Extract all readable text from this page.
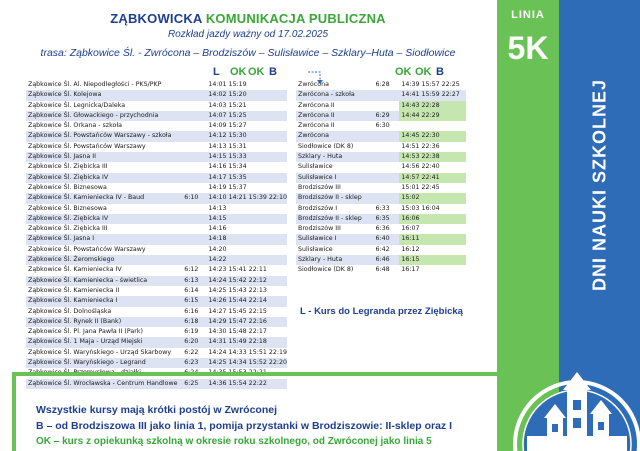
ZĄBKOWICKA KOMUNIKACJA PUBLICZNA
Rozkład jazdy ważny od 17.02.2025
trasa: Ząbkowice Śl. - Zwrócona – Brodziszów – Sulisławice – Szklary–Huta – Siodłowice
L OK OK B	OK OK B
Ząbkowice Śl. Al. Niepodległości - PKS/PKP		14:01 15:19
Ząbkowice Śl. Kolejowa		14:02 15:20
Ząbkowice Śl. Legnicka/Daleka		14:03 15:21
Ząbkowice Śl. Głowackiego - przychodnia		14:07 15:25
Ząbkowice Śl. Orkana - szkoła		14:09 15:27
Ząbkowice Śl. Powstańców Warszawy - szkoła		14:12 15:30
Ząbkowice Śl. Powstańców Warszawy		14:13 15:31
Ząbkowice Śl. Jasna II		14:15 15:33
Ząbkowice Śl. Ziębicka III		14:16 15:34
Ząbkowice Śl. Ziębicka IV		14:17 15:35
Ząbkowice Śl. Biznesowa		14:19 15:37
Ząbkowice Śl. Kamieniecka IV - Baud	6:10	14:10 14:21 15:39 22:10
Ząbkowice Śl. Biznesowa		14:13
Ząbkowice Śl. Ziębicka IV		14:15
Ząbkowice Śl. Ziębicka III		14:16
Ząbkowice Śl. Jasna I		14:18
Ząbkowice Śl. Powstańców Warszawy		14:20
Ząbkowice Śl. Żeromskiego		14:22
Ząbkowice Śl. Kamieniecka IV	6:12	14:23 15:41 22:11
Ząbkowice Śl. Kamieniecka - świetlica	6:13	14:24 15:42 22:12
Ząbkowice Śl. Kamieniecka II	6:14	14:25 15:43 22:13
Ząbkowice Śl. Kamieniecka I	6:15	14:26 15:44 22:14
Ząbkowice Śl. Dolnośląska	6:16	14:27 15:45 22:15
Ząbkowice Śl. Rynek II (Bank)	6:18	14:29 15:47 22:16
Ząbkowice Śl. Pl. Jana Pawła II (Park)	6:19	14:30 15:48 22:17
Ząbkowice Śl. 1 Maja - Urząd Miejski	6:20	14:31 15:49 22:18
Ząbkowice Śl. Waryńskiego - Urząd Skarbowy	6:22	14:24 14:33 15:51 22:19
Ząbkowice Śl. Waryńskiego - Legrand	6:23	14:25 14:34 15:52 22:20
Ząbkowice Śl. Przemysłowa - działki	6:24	14:35 15:53 22:21
Ząbkowice Śl. Wrocławska - Centrum Handlowe	6:25	14:36 15:54 22:22
Zwrócona	6:28	14:39 15:57 22:25
Zwrócona - szkoła		14:41 15:59 22:27
Zwrócona II		14:43 22:28
Zwrócona II	6:29	14:44 22:29
Zwrócona II	6:30	
Zwrócona		14:45 22:30
Siodłowice (DK 8)		14:51 22:36
Szklary - Huta		14:53 22:38
Sulisławice		14:56 22:40
Sulisławice I		14:57 22:41
Brodziszów III		15:01 22:45
Brodziszów II - sklep		15:02
Brodziszów I	6:33	15:03 16:04
Brodziszów II - sklep	6:35	16:06
Brodziszów III	6:36	16:07
Sulisławice I	6:40	16:11
Sulisławice	6:42	16:12
Szklary - Huta	6:46	16:15
Siodłowice (DK 8)	6:48	16:17
L - Kurs do Legranda przez Ziębicką
Wszystkie kursy mają krótki postój w Zwróconej
B – od Brodziszowa III jako linia 1, pomija przystanki w Brodziszowie: II-sklep oraz I
OK – kurs z opiekunką szkolną w okresie roku szkolnego, od Zwróconej jako linia 5
LINIA
5K
DNI NAUKI SZKOLNEJ
